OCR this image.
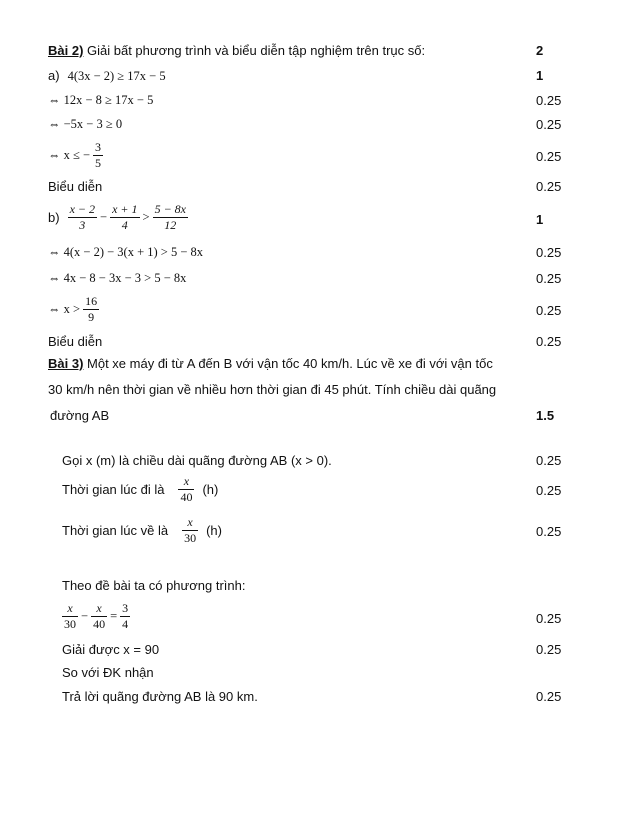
Bài 2) Giải bất phương trình và biểu diễn tập nghiệm trên trục số:	2
a) 4(3x − 2) ≥ 17x − 5	1
⇔ 12x − 8 ≥ 17x − 5	0.25
⇔ −5x − 3 ≥ 0	0.25
⇔ x ≤ − $\frac{3}{5}$	0.25
Biểu diễn	0.25
$b) \frac{x - 2}{3} - \frac{x + 1}{4} > \frac{5 - 8x}{12}$	1
⇔ 4(x − 2) − 3(x + 1) > 5 − 8x	0.25
⇔ 4x − 8 − 3x − 3 > 5 − 8x	0.25
⇔ $x > \frac{16}{9}$	0.25
Biểu diễn	0.25
Bài 3) Một xe máy đi từ A đến B với vận tốc 40 km/h. Lúc về xe đi với vận tốc
30 km/h nên thời gian về nhiều hơn thời gian đi 45 phút. Tính chiều dài quãng
đường AB	1.5
Gọi x (m) là chiều dài quãng đường AB (x > 0).	0.25
Thời gian lúc đi là $\frac{x}{40} (h)$	0.25
Thời gian lúc về là $\frac{x}{30} (h)$	0.25
Theo đề bài ta có phương trình:
$\frac{x}{30} - \frac{x}{40} = \frac{3}{4}$	0.25
Giải được x = 90	0.25
So với ĐK nhận
Trả lời quãng đường AB là 90 km.	0.25
